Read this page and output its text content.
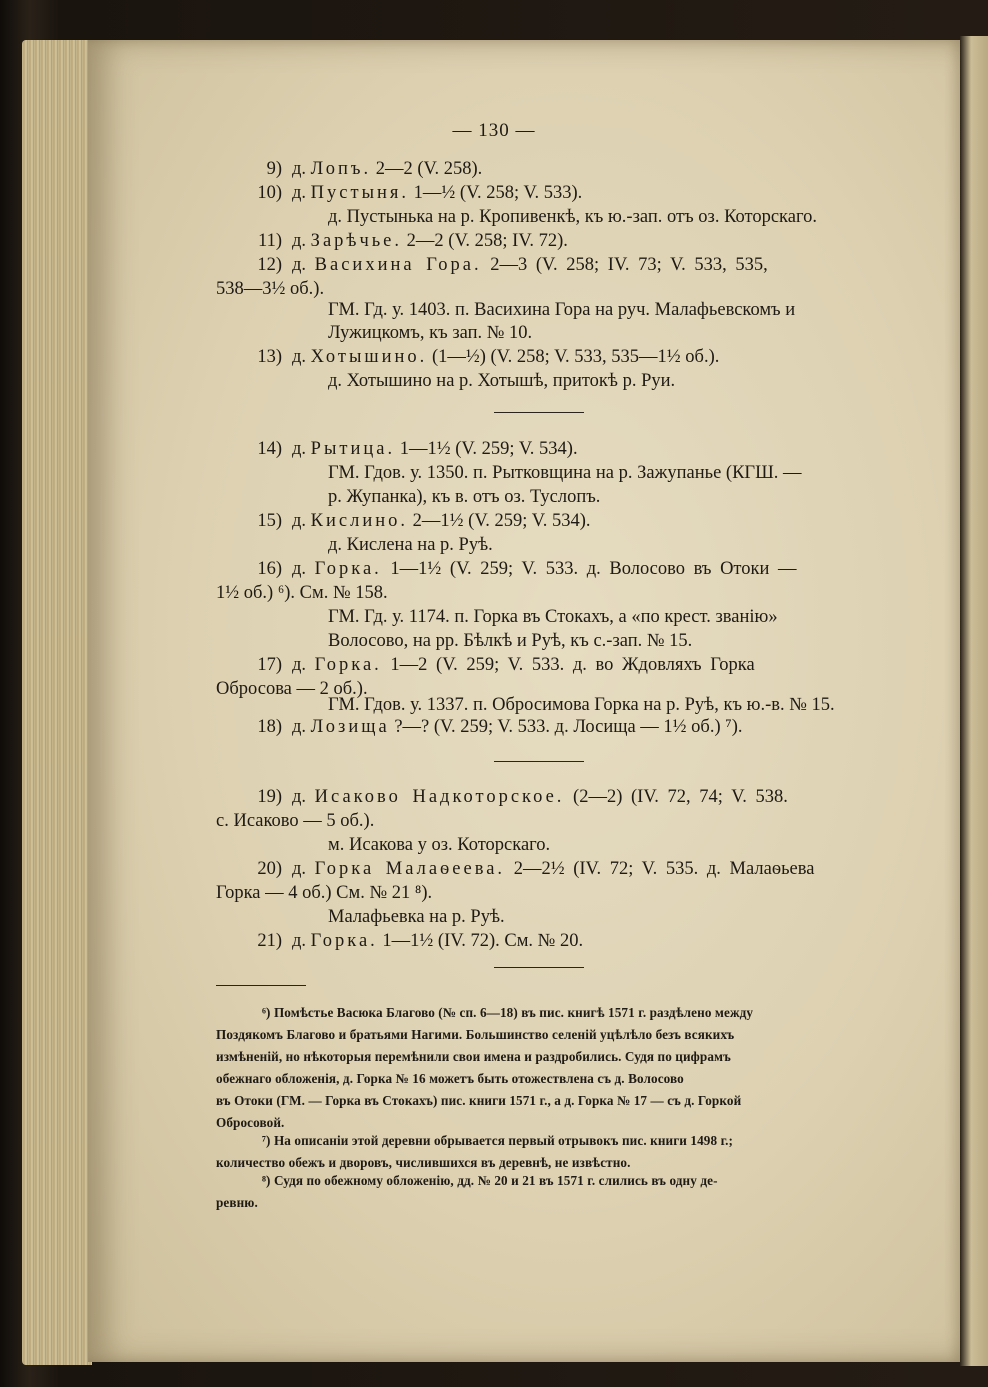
— 130 —
9) д. Лопъ. 2—2 (V. 258).
10) д. Пустыня. 1—½ (V. 258; V. 533).
д. Пустынька на р. Кропивенкѣ, къ ю.-зап. отъ оз. Которскаго.
11) д. Зарѣчье. 2—2 (V. 258; IV. 72).
12) д. Васихина Гора. 2—3 (V. 258; IV. 73; V. 533, 535,
538—3½ об.).
ГМ. Гд. у. 1403. п. Васихина Гора на руч. Малафьевскомъ и
Лужицкомъ, къ зап. № 10.
13) д. Хотышино. (1—½) (V. 258; V. 533, 535—1½ об.).
д. Хотышино на р. Хотышѣ, притокѣ р. Руи.
14) д. Рытица. 1—1½ (V. 259; V. 534).
ГМ. Гдов. у. 1350. п. Рытковщина на р. Зажупанье (КГШ. —
р. Жупанка), къ в. отъ оз. Туслопъ.
15) д. Кислино. 2—1½ (V. 259; V. 534).
д. Кислена на р. Руѣ.
16) д. Горка. 1—1½ (V. 259; V. 533. д. Волосово въ Отоки —
1½ об.) ⁶). См. № 158.
ГМ. Гд. у. 1174. п. Горка въ Стокахъ, а «по крест. званію»
Волосово, на рр. Бѣлкѣ и Руѣ, къ с.-зап. № 15.
17) д. Горка. 1—2 (V. 259; V. 533. д. во Ждовляхъ Горка
Обросова — 2 об.).
ГМ. Гдов. у. 1337. п. Обросимова Горка на р. Руѣ, къ ю.-в. № 15.
18) д. Лозища ?—? (V. 259; V. 533. д. Лосища — 1½ об.) ⁷).
19) д. Исаково Надкоторское. (2—2) (IV. 72, 74; V. 538.
с. Исаково — 5 об.).
м. Исакова у оз. Которскаго.
20) д. Горка Малаѳеева. 2—2½ (IV. 72; V. 535. д. Малаѳьева
Горка — 4 об.) См. № 21 ⁸).
Малафьевка на р. Руѣ.
21) д. Горка. 1—1½ (IV. 72). См. № 20.
⁶) Помѣстье Васюка Благово (№ сп. 6—18) въ пис. книгѣ 1571 г. раздѣлено между
Поздякомъ Благово и братьями Нагими. Большинство селеній уцѣлѣло безъ всякихъ
измѣненій, но нѣкоторыя перемѣнили свои имена и раздробились. Судя по цифрамъ
обежнаго обложенія, д. Горка № 16 можетъ быть отожествлена съ д. Волосово
въ Отоки (ГМ. — Горка въ Стокахъ) пис. книги 1571 г., а д. Горка № 17 — съ д. Горкой
Обросовой.
⁷) На описаніи этой деревни обрывается первый отрывокъ пис. книги 1498 г.;
количество обежъ и дворовъ, числившихся въ деревнѣ, не извѣстно.
⁸) Судя по обежному обложенію, дд. № 20 и 21 въ 1571 г. слились въ одну де-
ревню.
